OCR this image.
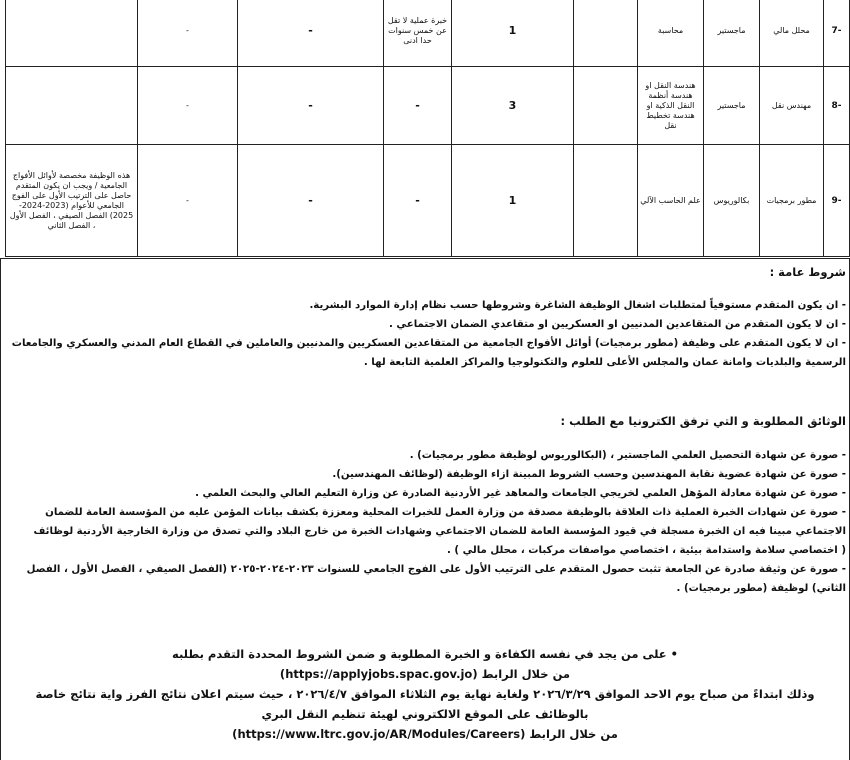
-7	محلل مالي	ماجستير	محاسبة		1	خبرة عملية لا تقل عن خمس سنوات حدا ادنى	-	-	
-8	مهندس نقل	ماجستير	هندسة النقل او هندسة أنظمة النقل الذكية او هندسة تخطيط نقل		3	-	-	-	
-9	مطور برمجيات	بكالوريوس	علم الحاسب الآلي		1	-	-	-	هذه الوظيفة مخصصة لأوائل الأفواج الجامعية / ويجب ان يكون المتقدم حاصل على الترتيب الأول على الفوج الجامعي للأعوام (2023-2024-2025) الفصل الصيفي ، الفصل الأول ، الفصل الثاني
شروط عامة :

- ان يكون المتقدم مستوفياً لمتطلبات اشغال الوظيفة الشاغرة وشروطها حسب نظام إدارة الموارد البشرية.

- ان لا يكون المتقدم من المتقاعدين المدنيين او العسكريين او متقاعدي الضمان الاجتماعي .

- ان لا يكون المتقدم على وظيفة (مطور برمجيات) أوائل الأفواج الجامعية من المتقاعدين العسكريين والمدنيين والعاملين في القطاع العام المدني والعسكري والجامعات

الرسمية والبلديات وامانة عمان والمجلس الأعلى للعلوم والتكنولوجيا والمراكز العلمية التابعة لها .

الوثائق المطلوبة و التي ترفق الكترونيا مع الطلب :

- صورة عن شهادة التحصيل العلمي الماجستير ، (البكالوريوس لوظيفة مطور برمجيات) .

- صورة عن شهادة عضوية نقابة المهندسين وحسب الشروط المبينة ازاء الوظيفة (لوظائف المهندسين).

- صورة عن شهادة معادلة المؤهل العلمي لخريجي الجامعات والمعاهد غير الأردنية الصادرة عن وزارة التعليم العالي والبحث العلمي .

- صورة عن شهادات الخبرة العملية ذات العلاقة بالوظيفة مصدقة من وزارة العمل للخبرات المحلية ومعززة بكشف بيانات المؤمن عليه من المؤسسة العامة للضمان

الاجتماعي مبينا فيه ان الخبرة مسجلة في قيود المؤسسة العامة للضمان الاجتماعي وشهادات الخبرة من خارج البلاد والتي تصدق من وزارة الخارجية الأردنية لوظائف

( اختصاصي سلامة واستدامة بيئية ، اختصاصي مواصفات مركبات ، محلل مالي ) .

- صورة عن وثيقة صادرة عن الجامعة تثبت حصول المتقدم على الترتيب الأول على الفوج الجامعي للسنوات ٢٠٢٣-٢٠٢٤-٢٠٢٥ (الفصل الصيفي ، الفصل الأول ، الفصل

الثاني) لوظيفة (مطور برمجيات) .

• على من يجد في نفسه الكفاءة و الخبرة المطلوبة و ضمن الشروط المحددة التقدم بطلبه

من خلال الرابط (https://applyjobs.spac.gov.jo)

وذلك ابتداءً من صباح يوم الاحد الموافق ٢٠٢٦/٣/٢٩ ولغاية نهاية يوم الثلاثاء الموافق ٢٠٢٦/٤/٧ ، حيث سيتم اعلان نتائج الفرز واية نتائج خاصة

بالوظائف على الموقع الالكتروني لهيئة تنظيم النقل البري

من خلال الرابط (https://www.ltrc.gov.jo/AR/Modules/Careers)
